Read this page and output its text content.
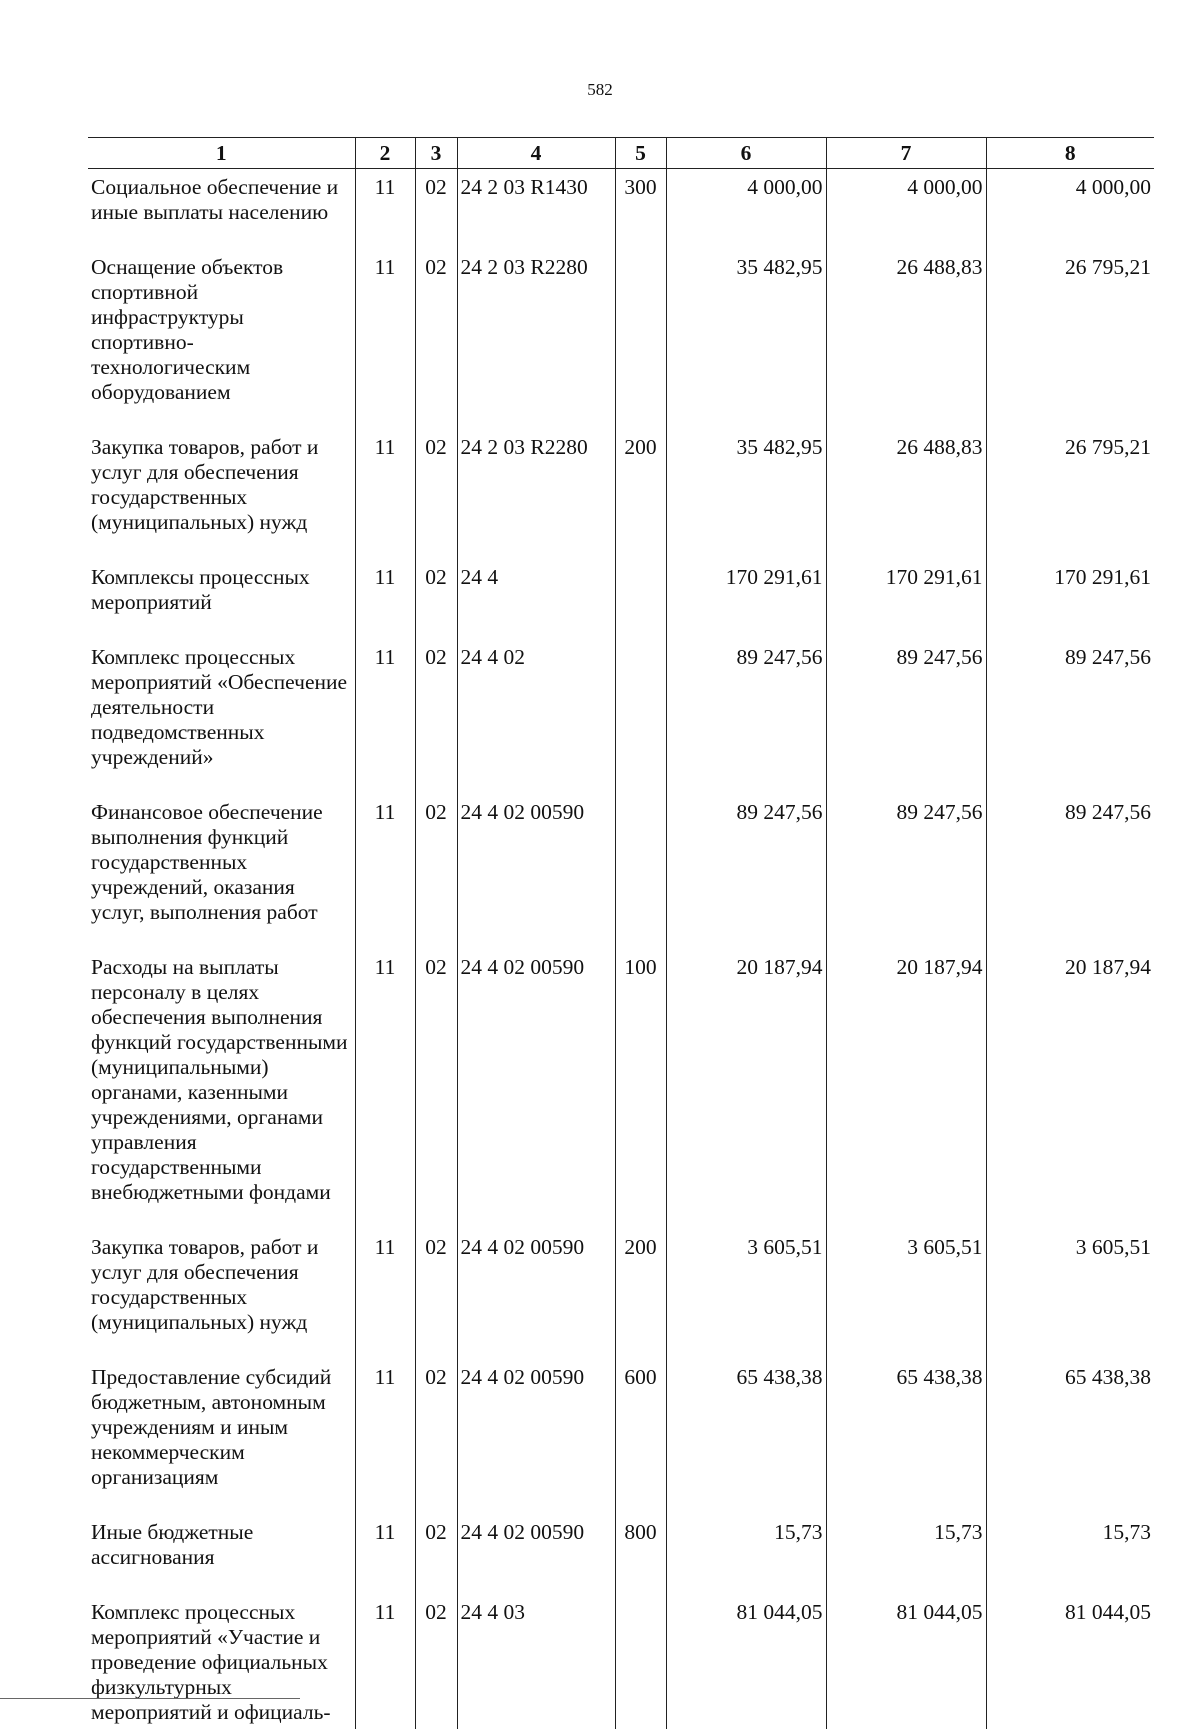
582
1	2	3	4	5	6	7	8
Социальное обеспечение и иные выплаты населению	11	02	24 2 03 R1430	300	4 000,00	4 000,00	4 000,00
Оснащение объектов спортивной инфраструктуры спортивно-технологическим оборудованием	11	02	24 2 03 R2280		35 482,95	26 488,83	26 795,21
Закупка товаров, работ и услуг для обеспечения государственных (муниципальных) нужд	11	02	24 2 03 R2280	200	35 482,95	26 488,83	26 795,21
Комплексы процессных мероприятий	11	02	24 4		170 291,61	170 291,61	170 291,61
Комплекс процессных мероприятий «Обеспечение деятельности подведомственных учреждений»	11	02	24 4 02		89 247,56	89 247,56	89 247,56
Финансовое обеспечение выполнения функций государственных учреждений, оказания услуг, выполнения работ	11	02	24 4 02 00590		89 247,56	89 247,56	89 247,56
Расходы на выплаты персоналу в целях обеспечения выполнения функций государственными (муниципальными) органами, казенными учреждениями, органами управления государственными внебюджетными фондами	11	02	24 4 02 00590	100	20 187,94	20 187,94	20 187,94
Закупка товаров, работ и услуг для обеспечения государственных (муниципальных) нужд	11	02	24 4 02 00590	200	3 605,51	3 605,51	3 605,51
Предоставление субсидий бюджетным, автономным учреждениям и иным некоммерческим организациям	11	02	24 4 02 00590	600	65 438,38	65 438,38	65 438,38
Иные бюджетные ассигнования	11	02	24 4 02 00590	800	15,73	15,73	15,73
Комплекс процессных мероприятий «Участие и проведение официальных физкультурных мероприятий и официаль-	11	02	24 4 03		81 044,05	81 044,05	81 044,05
